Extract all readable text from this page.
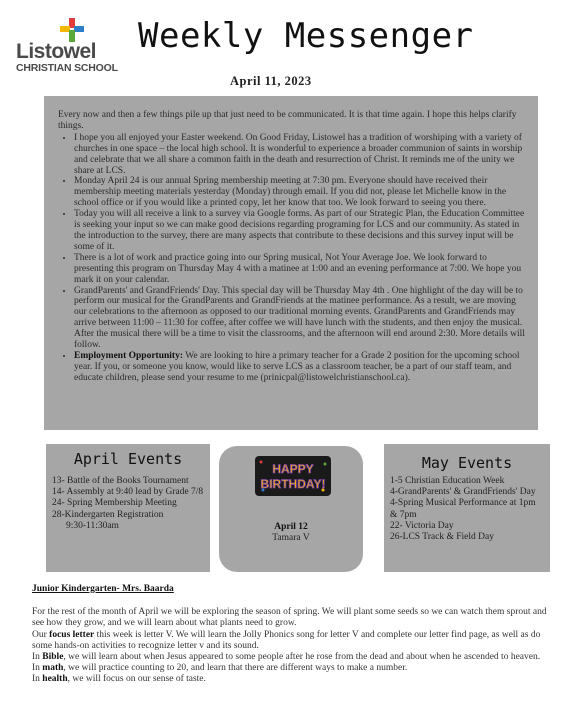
Listowel
CHRISTIAN SCHOOL
Weekly Messenger
April 11, 2023

Every now and then a few things pile up that just need to be communicated. It is that time again. I hope this helps clarify things.

• I hope you all enjoyed your Easter weekend. On Good Friday, Listowel has a tradition of worshiping with a variety of churches in one space – the local high school. It is wonderful to experience a broader communion of saints in worship and celebrate that we all share a common faith in the death and resurrection of Christ. It reminds me of the unity we share at LCS.
• Monday April 24 is our annual Spring membership meeting at 7:30 pm. Everyone should have received their membership meeting materials yesterday (Monday) through email. If you did not, please let Michelle know in the school office or if you would like a printed copy, let her know that too. We look forward to seeing you there.
• Today you will all receive a link to a survey via Google forms. As part of our Strategic Plan, the Education Committee is seeking your input so we can make good decisions regarding programing for LCS and our community. As stated in the introduction to the survey, there are many aspects that contribute to these decisions and this survey input will be some of it.
• There is a lot of work and practice going into our Spring musical, Not Your Average Joe. We look forward to presenting this program on Thursday May 4 with a matinee at 1:00 and an evening performance at 7:00. We hope you mark it on your calendar.
• GrandParents' and GrandFriends' Day. This special day will be Thursday May 4th . One highlight of the day will be to perform our musical for the GrandParents and GrandFriends at the matinee performance. As a result, we are moving our celebrations to the afternoon as opposed to our traditional morning events. GrandParents and GrandFriends may arrive between 11:00 – 11:30 for coffee, after coffee we will have lunch with the students, and then enjoy the musical. After the musical there will be a time to visit the classrooms, and the afternoon will end around 2:30. More details will follow.
• Employment Opportunity: We are looking to hire a primary teacher for a Grade 2 position for the upcoming school year. If you, or someone you know, would like to serve LCS as a classroom teacher, be a part of our staff team, and educate children, please send your resume to me (prinicpal@listowelchristianschool.ca).
April Events
13- Battle of the Books Tournament
14- Assembly at 9:40 lead by Grade 7/8
24- Spring Membership Meeting
28-Kindergarten Registration
9:30-11:30am
HAPPY
BIRTHDAY!
April 12
Tamara V
May Events
1-5 Christian Education Week
4-GrandParents' & GrandFriends' Day
4-Spring Musical Performance at 1pm & 7pm
22- Victoria Day
26-LCS Track & Field Day
Junior Kindergarten- Mrs. Baarda

For the rest of the month of April we will be exploring the season of spring. We will plant some seeds so we can watch them sprout and see how they grow, and we will learn about what plants need to grow.

Our focus letter this week is letter V. We will learn the Jolly Phonics song for letter V and complete our letter find page, as well as do some hands-on activities to recognize letter v and its sound.

In Bible, we will learn about when Jesus appeared to some people after he rose from the dead and about when he ascended to heaven.

In math, we will practice counting to 20, and learn that there are different ways to make a number.

In health, we will focus on our sense of taste.
